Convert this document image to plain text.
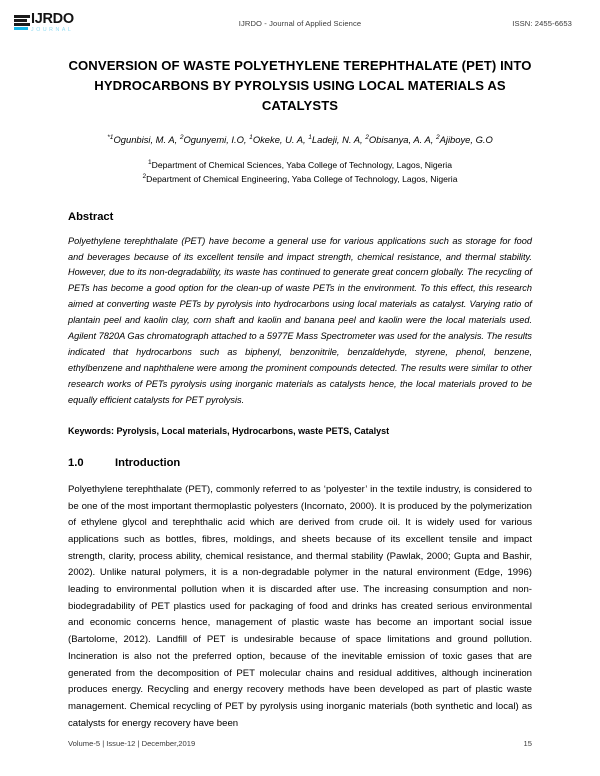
IJRDO
JOURNAL
IJRDO - Journal of Applied Science	ISSN: 2455-6653
CONVERSION OF WASTE POLYETHYLENE TEREPHTHALATE (PET) INTO HYDROCARBONS BY PYROLYSIS USING LOCAL MATERIALS AS CATALYSTS
$^{*1}$Ogunbisi, M. A, $^2$Ogunyemi, I.O, $^1$Okeke, U. A, $^1$Ladeji, N. A, $^2$Obisanya, A. A, $^2$Ajiboye, G.O
$^1$Department of Chemical Sciences, Yaba College of Technology, Lagos, Nigeria
$^2$Department of Chemical Engineering, Yaba College of Technology, Lagos, Nigeria
Abstract

Polyethylene terephthalate (PET) have become a general use for various applications such as storage for food and beverages because of its excellent tensile and impact strength, chemical resistance, and thermal stability. However, due to its non-degradability, its waste has continued to generate great concern globally. The recycling of PETs has become a good option for the clean-up of waste PETs in the environment. To this effect, this research aimed at converting waste PETs by pyrolysis into hydrocarbons using local materials as catalyst. Varying ratio of plantain peel and kaolin clay, corn shaft and kaolin and banana peel and kaolin were the local materials used. Agilent 7820A Gas chromatograph attached to a 5977E Mass Spectrometer was used for the analysis. The results indicated that hydrocarbons such as biphenyl, benzonitrile, benzaldehyde, styrene, phenol, benzene, ethylbenzene and naphthalene were among the prominent compounds detected. The results were similar to other research works of PETs pyrolysis using inorganic materials as catalysts hence, the local materials proved to be equally efficient catalysts for PET pyrolysis.

Keywords: Pyrolysis, Local materials, Hydrocarbons, waste PETS, Catalyst

1.0	Introduction

Polyethylene terephthalate (PET), commonly referred to as ‘polyester’ in the textile industry, is considered to be one of the most important thermoplastic polyesters (Incornato, 2000). It is produced by the polymerization of ethylene glycol and terephthalic acid which are derived from crude oil. It is widely used for various applications such as bottles, fibres, moldings, and sheets because of its excellent tensile and impact strength, clarity, process ability, chemical resistance, and thermal stability (Pawlak, 2000; Gupta and Bashir, 2002). Unlike natural polymers, it is a non-degradable polymer in the natural environment (Edge, 1996) leading to environmental pollution when it is discarded after use. The increasing consumption and non-biodegradability of PET plastics used for packaging of food and drinks has created serious environmental and economic concerns hence, management of plastic waste has become an important social issue (Bartolome, 2012). Landfill of PET is undesirable because of space limitations and ground pollution. Incineration is also not the preferred option, because of the inevitable emission of toxic gases that are generated from the decomposition of PET molecular chains and residual additives, although incineration produces energy. Recycling and energy recovery methods have been developed as part of plastic waste management. Chemical recycling of PET by pyrolysis using inorganic materials (both synthetic and local) as catalysts for energy recovery have been

Volume-5 | Issue-12 | December,2019	15
